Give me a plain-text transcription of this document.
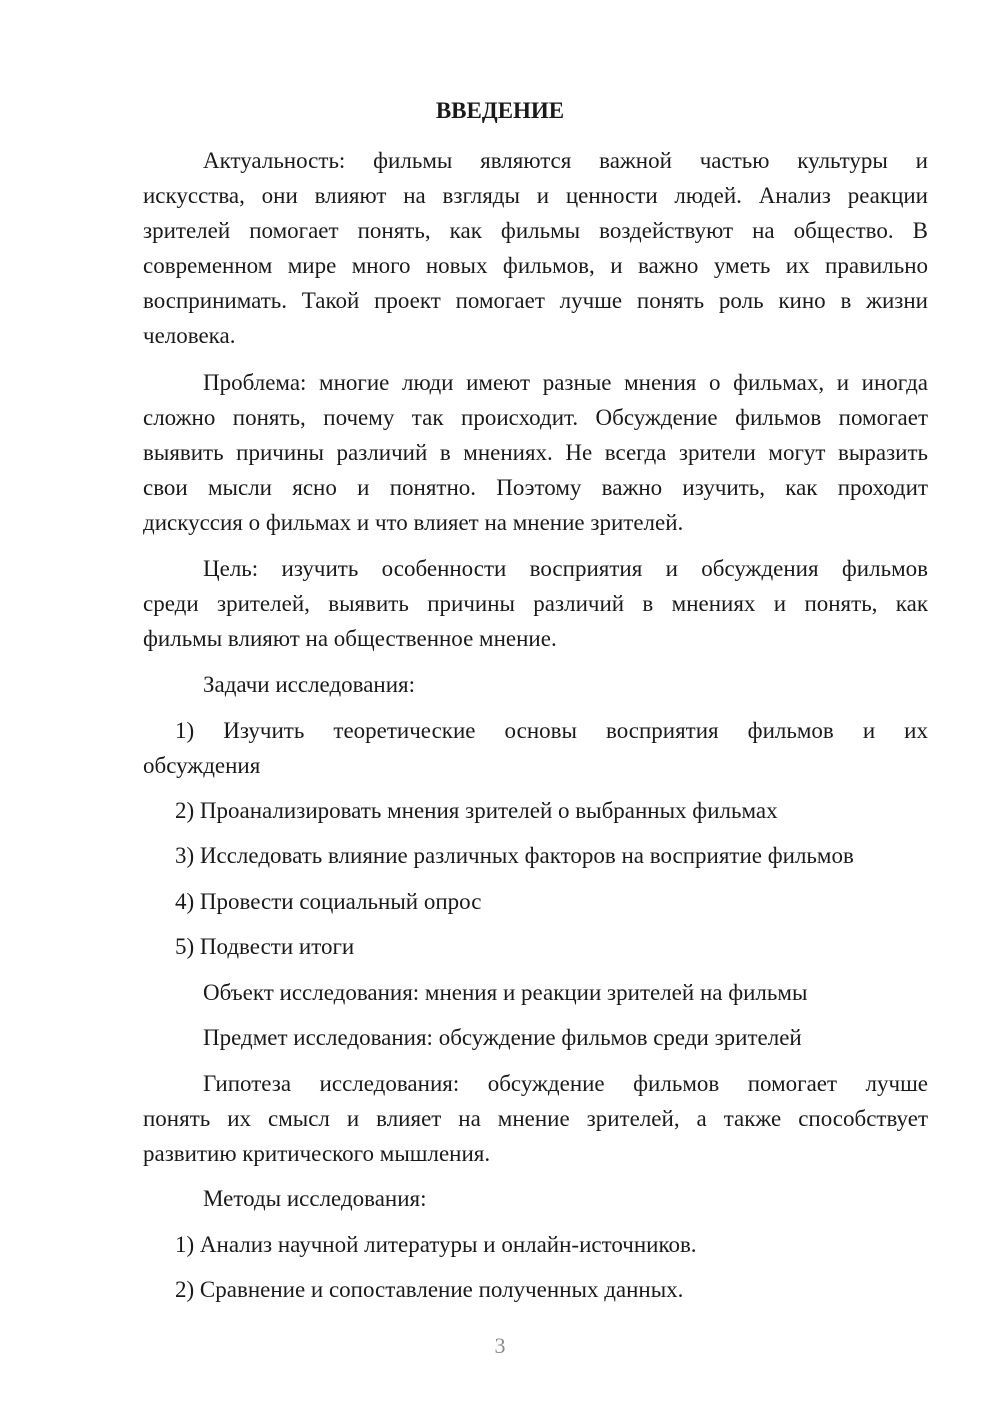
ВВЕДЕНИЕ
Актуальность: фильмы являются важной частью культуры и
искусства, они влияют на взгляды и ценности людей. Анализ реакции
зрителей помогает понять, как фильмы воздействуют на общество. В
современном мире много новых фильмов, и важно уметь их правильно
воспринимать. Такой проект помогает лучше понять роль кино в жизни
человека.
Проблема: многие люди имеют разные мнения о фильмах, и иногда
сложно понять, почему так происходит. Обсуждение фильмов помогает
выявить причины различий в мнениях. Не всегда зрители могут выразить
свои мысли ясно и понятно. Поэтому важно изучить, как проходит
дискуссия о фильмах и что влияет на мнение зрителей.
Цель: изучить особенности восприятия и обсуждения фильмов
среди зрителей, выявить причины различий в мнениях и понять, как
фильмы влияют на общественное мнение.
Задачи исследования:
1) Изучить теоретические основы восприятия фильмов и их
обсуждения
2) Проанализировать мнения зрителей о выбранных фильмах
3) Исследовать влияние различных факторов на восприятие фильмов
4) Провести социальный опрос
5) Подвести итоги
Объект исследования: мнения и реакции зрителей на фильмы
Предмет исследования: обсуждение фильмов среди зрителей
Гипотеза исследования: обсуждение фильмов помогает лучше
понять их смысл и влияет на мнение зрителей, а также способствует
развитию критического мышления.
Методы исследования:
1) Анализ научной литературы и онлайн-источников.
2) Сравнение и сопоставление полученных данных.
3
